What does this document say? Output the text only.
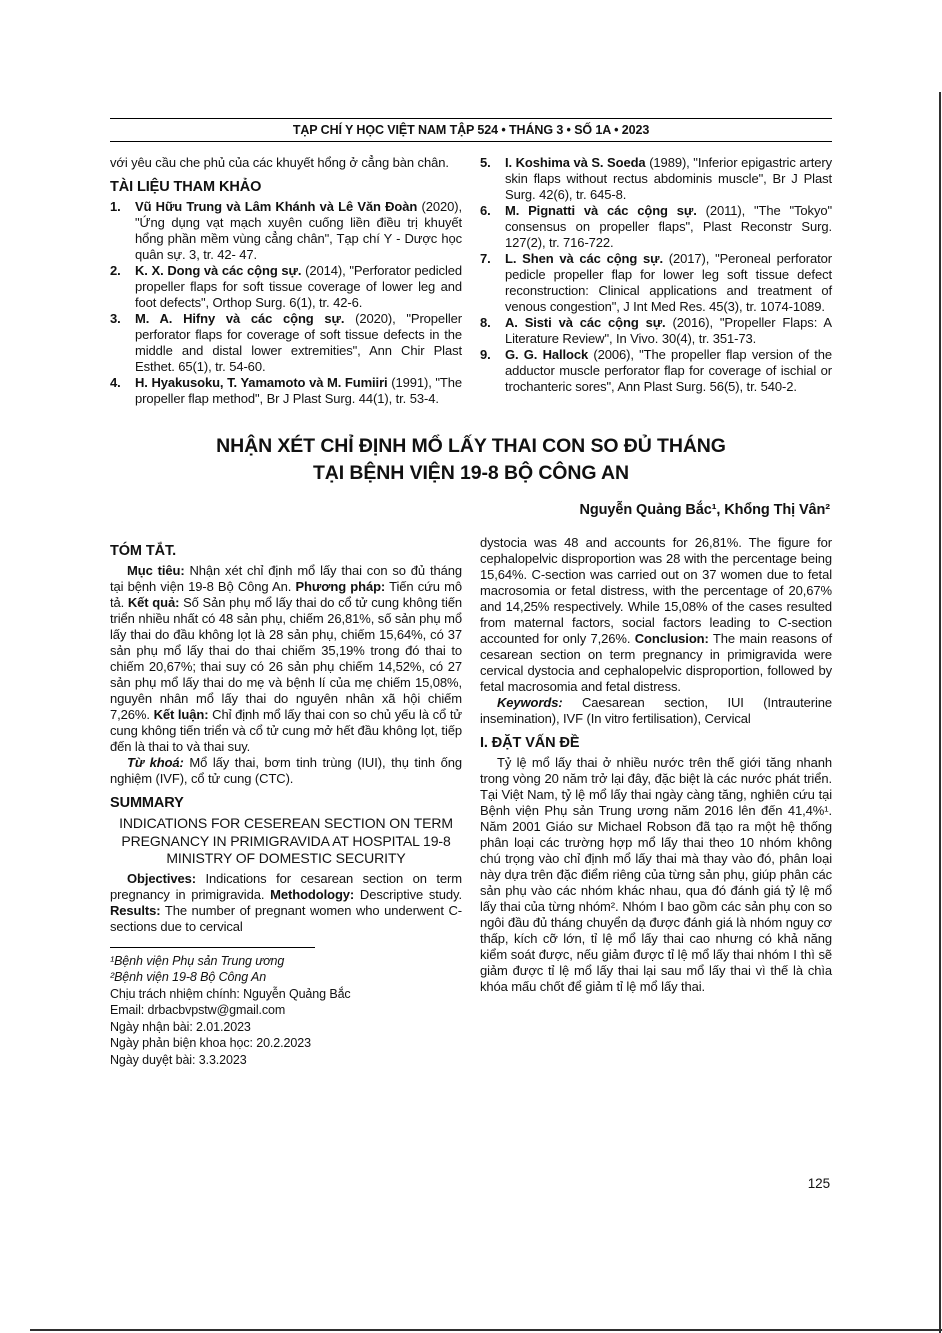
TẠP CHÍ Y HỌC VIỆT NAM TẬP 524 • THÁNG 3 • SỐ 1A • 2023

với yêu cầu che phủ của các khuyết hổng ở cẳng bàn chân.

TÀI LIỆU THAM KHẢO
1. Vũ Hữu Trung và Lâm Khánh và Lê Văn Đoàn (2020), "Ứng dụng vạt mạch xuyên cuống liền điều trị khuyết hổng phần mềm vùng cẳng chân", Tạp chí Y - Dược học quân sự. 3, tr. 42- 47.
2. K. X. Dong và các cộng sự. (2014), "Perforator pedicled propeller flaps for soft tissue coverage of lower leg and foot defects", Orthop Surg. 6(1), tr. 42-6.
3. M. A. Hifny và các cộng sự. (2020), "Propeller perforator flaps for coverage of soft tissue defects in the middle and distal lower extremities", Ann Chir Plast Esthet. 65(1), tr. 54-60.
4. H. Hyakusoku, T. Yamamoto và M. Fumiiri (1991), "The propeller flap method", Br J Plast Surg. 44(1), tr. 53-4.
5. I. Koshima và S. Soeda (1989), "Inferior epigastric artery skin flaps without rectus abdominis muscle", Br J Plast Surg. 42(6), tr. 645-8.
6. M. Pignatti và các cộng sự. (2011), "The "Tokyo" consensus on propeller flaps", Plast Reconstr Surg. 127(2), tr. 716-722.
7. L. Shen và các cộng sự. (2017), "Peroneal perforator pedicle propeller flap for lower leg soft tissue defect reconstruction: Clinical applications and treatment of venous congestion", J Int Med Res. 45(3), tr. 1074-1089.
8. A. Sisti và các cộng sự. (2016), "Propeller Flaps: A Literature Review", In Vivo. 30(4), tr. 351-73.
9. G. G. Hallock (2006), "The propeller flap version of the adductor muscle perforator flap for coverage of ischial or trochanteric sores", Ann Plast Surg. 56(5), tr. 540-2.
NHẬN XÉT CHỈ ĐỊNH MỔ LẤY THAI CON SO ĐỦ THÁNG
TẠI BỆNH VIỆN 19-8 BỘ CÔNG AN
Nguyễn Quảng Bắc¹, Khổng Thị Vân²
TÓM TẮT.

Mục tiêu: Nhận xét chỉ định mổ lấy thai con so đủ tháng tại bệnh viện 19-8 Bộ Công An. Phương pháp: Tiến cứu mô tả. Kết quả: Số Sản phụ mổ lấy thai do cổ tử cung không tiến triển nhiều nhất có 48 sản phụ, chiếm 26,81%, số sản phụ mổ lấy thai do đầu không lọt là 28 sản phụ, chiếm 15,64%, có 37 sản phụ mổ lấy thai do thai chiếm 35,19% trong đó thai to chiếm 20,67%; thai suy có 26 sản phụ chiếm 14,52%, có 27 sản phụ mổ lấy thai do mẹ và bệnh lí của mẹ chiếm 15,08%, nguyên nhân mổ lấy thai do nguyên nhân xã hội chiếm 7,26%. Kết luận: Chỉ định mổ lấy thai con so chủ yếu là cổ tử cung không tiến triển và cổ tử cung mở hết đầu không lọt, tiếp đến là thai to và thai suy.

Từ khoá: Mổ lấy thai, bơm tinh trùng (IUI), thụ tinh ống nghiệm (IVF), cổ tử cung (CTC).

SUMMARY
INDICATIONS FOR CESEREAN SECTION ON TERM PREGNANCY IN PRIMIGRAVIDA AT HOSPITAL 19-8 MINISTRY OF DOMESTIC SECURITY

Objectives: Indications for cesarean section on term pregnancy in primigravida. Methodology: Descriptive study. Results: The number of pregnant women who underwent C-sections due to cervical

¹Bệnh viện Phụ sản Trung ương
²Bệnh viện 19-8 Bộ Công An
Chịu trách nhiệm chính: Nguyễn Quảng Bắc
Email: drbacbvpstw@gmail.com
Ngày nhận bài: 2.01.2023
Ngày phản biện khoa học: 20.2.2023
Ngày duyệt bài: 3.3.2023

dystocia was 48 and accounts for 26,81%. The figure for cephalopelvic disproportion was 28 with the percentage being 15,64%. C-section was carried out on 37 women due to fetal macrosomia or fetal distress, with the percentage of 20,67% and 14,25% respectively. While 15,08% of the cases resulted from maternal factors, social factors leading to C-section accounted for only 7,26%. Conclusion: The main reasons of cesarean section on term pregnancy in primigravida were cervical dystocia and cephalopelvic disproportion, followed by fetal macrosomia and fetal distress.

Keywords: Caesarean section, IUI (Intrauterine insemination), IVF (In vitro fertilisation), Cervical

I. ĐẶT VẤN ĐỀ

Tỷ lệ mổ lấy thai ở nhiều nước trên thế giới tăng nhanh trong vòng 20 năm trở lại đây, đặc biệt là các nước phát triển. Tại Việt Nam, tỷ lệ mổ lấy thai ngày càng tăng, nghiên cứu tại Bệnh viện Phụ sản Trung ương năm 2016 lên đến 41,4%¹. Năm 2001 Giáo sư Michael Robson đã tạo ra một hệ thống phân loại các trường hợp mổ lấy thai theo 10 nhóm không chú trọng vào chỉ định mổ lấy thai mà thay vào đó, phân loại này dựa trên đặc điểm riêng của từng sản phụ, giúp phân các sản phụ vào các nhóm khác nhau, qua đó đánh giá tỷ lệ mổ lấy thai của từng nhóm². Nhóm I bao gồm các sản phụ con so ngôi đầu đủ tháng chuyển dạ được đánh giá là nhóm nguy cơ thấp, kích cỡ lớn, tỉ lệ mổ lấy thai cao nhưng có khả năng kiểm soát được, nếu giảm được tỉ lệ mổ lấy thai nhóm I thì sẽ giảm được tỉ lệ mổ lấy thai lại sau mổ lấy thai vì thế là chìa khóa mấu chốt để giảm tỉ lệ mổ lấy thai.

125
